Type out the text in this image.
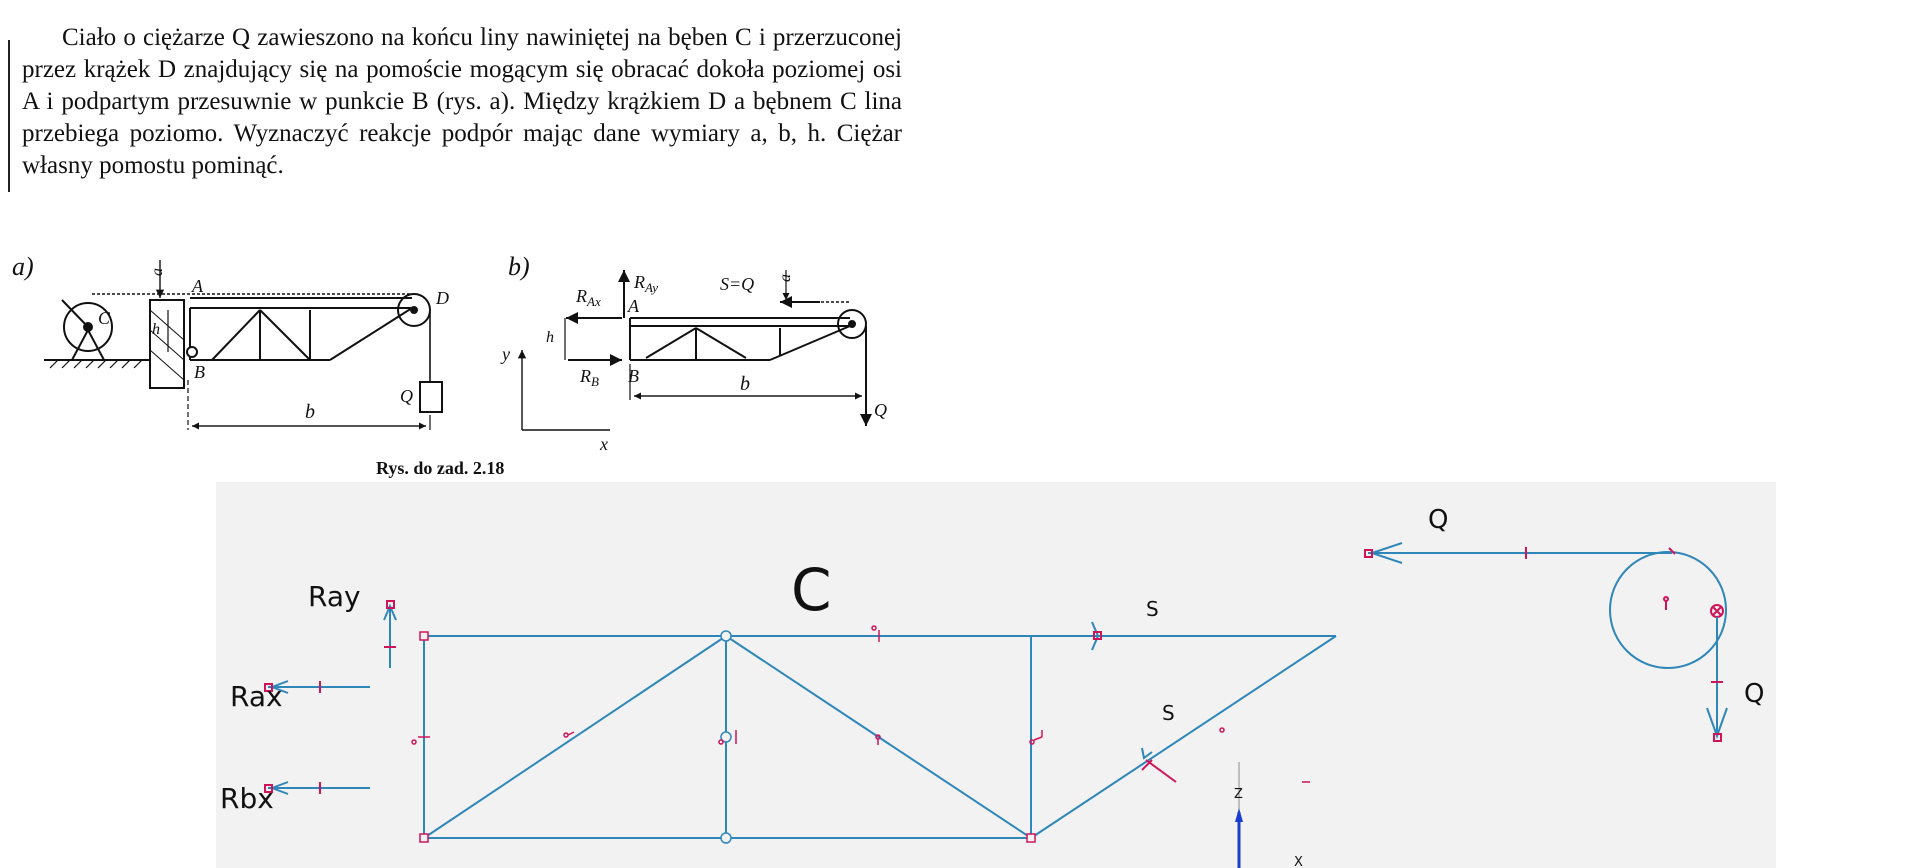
Ciało o ciężarze Q zawieszono na końcu liny nawiniętej na bęben C i przerzuconej przez krążek D znajdujący się na pomoście mogącym się obracać dokoła poziomej osi A i podpartym przesuwnie w punkcie B (rys. a). Między krążkiem D a bębnem C lina przebiega poziomo. Wyznaczyć reakcje podpór mając dane wymiary a, b, h. Ciężar własny pomostu pominąć.

a)
C
a
h
A
B
D
Q
b
b)
$R_{Ay}$
A
$R_{Ax}$
$R_B$ B
h
y
x
S=Q a
Q
b
Rys. do zad. 2.18
Z
X
C
Ray
Rax
Rbx
S
S
Q
Q
